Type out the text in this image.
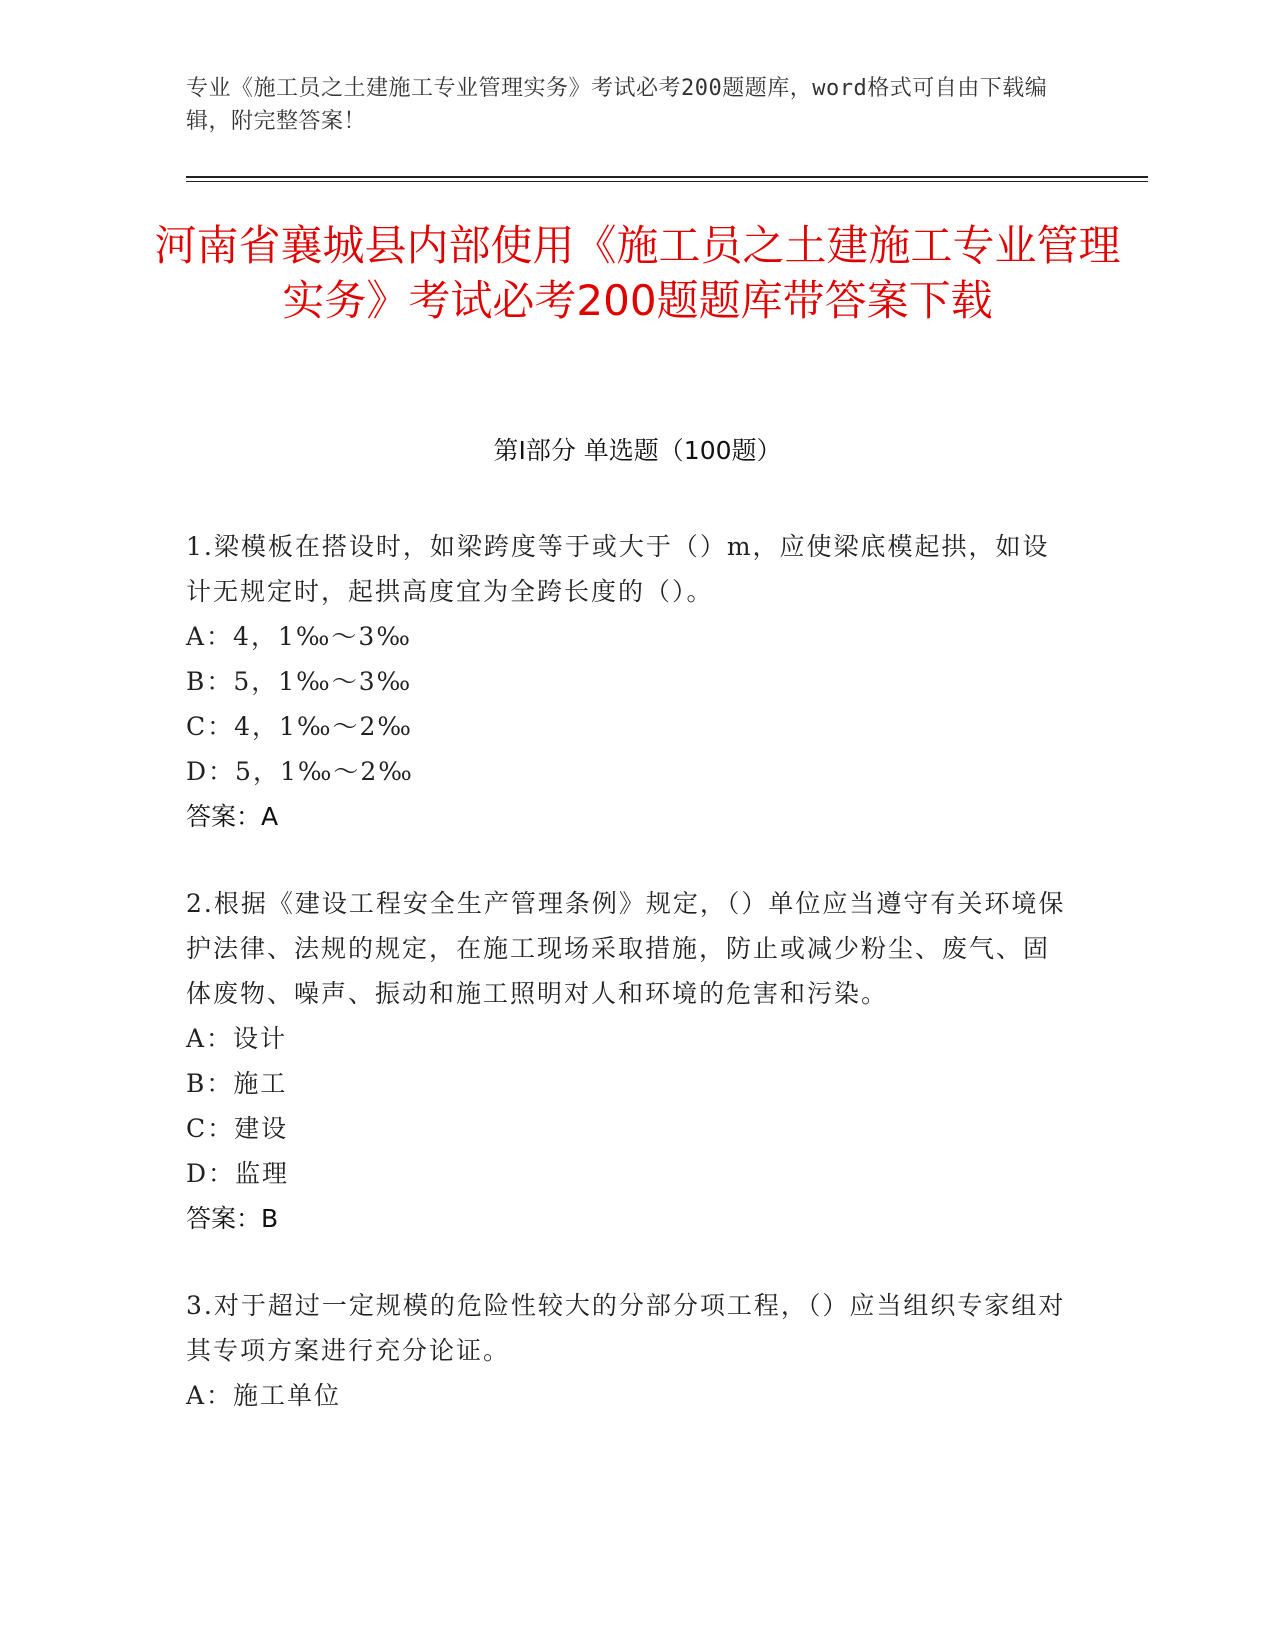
专业《施工员之土建施工专业管理实务》考试必考200题题库，word格式可自由下载编辑，附完整答案！
河南省襄城县内部使用《施工员之土建施工专业管理实务》考试必考200题题库带答案下载
第I部分 单选题（100题）
1.梁模板在搭设时，如梁跨度等于或大于（）m，应使梁底模起拱，如设计无规定时，起拱高度宜为全跨长度的（）。
A：4，1‰～3‰
B：5，1‰～3‰
C：4，1‰～2‰
D：5，1‰～2‰
答案：A
2.根据《建设工程安全生产管理条例》规定，（）单位应当遵守有关环境保护法律、法规的规定，在施工现场采取措施，防止或减少粉尘、废气、固体废物、噪声、振动和施工照明对人和环境的危害和污染。
A：设计
B：施工
C：建设
D：监理
答案：B
3.对于超过一定规模的危险性较大的分部分项工程，（）应当组织专家组对其专项方案进行充分论证。
A：施工单位
